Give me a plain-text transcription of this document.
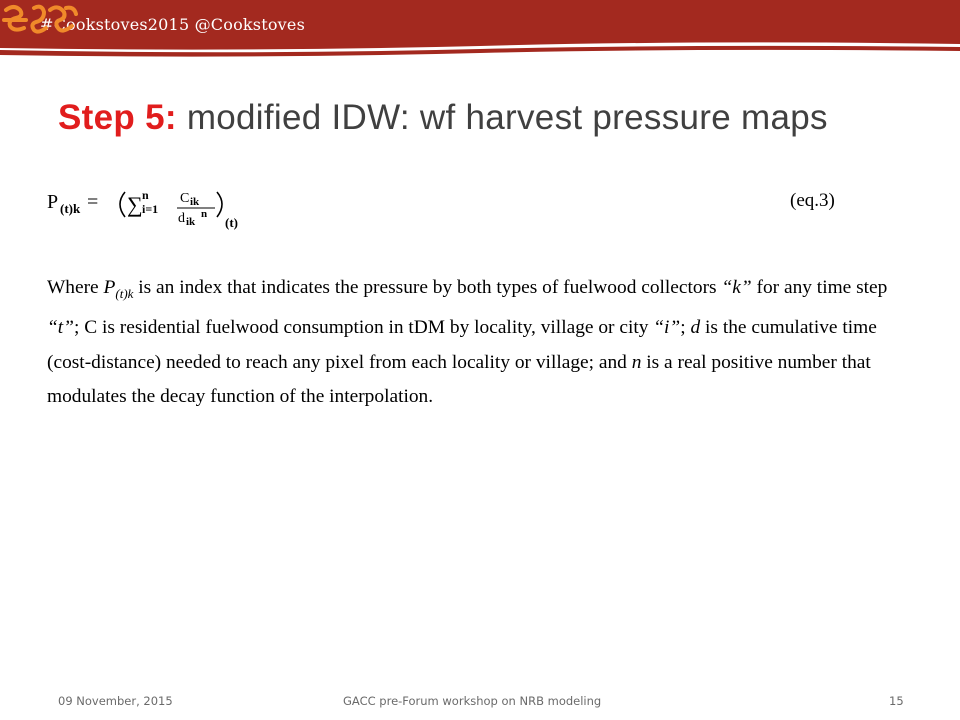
#Cookstoves2015 @Cookstoves
Step 5: modified IDW: wf harvest pressure maps
P (t)k = ∑ n
i=1
C ik
d ik
n
(t)
(eq.3)
Where $P_{(t)k}$ is an index that indicates the pressure by both types of fuelwood collectors “k” for any time step “t”; C is residential fuelwood consumption in tDM by locality, village or city “i”; d is the cumulative time (cost-distance) needed to reach any pixel from each locality or village; and n is a real positive number that modulates the decay function of the interpolation.
09 November, 2015	GACC pre-Forum workshop on NRB modeling	15
